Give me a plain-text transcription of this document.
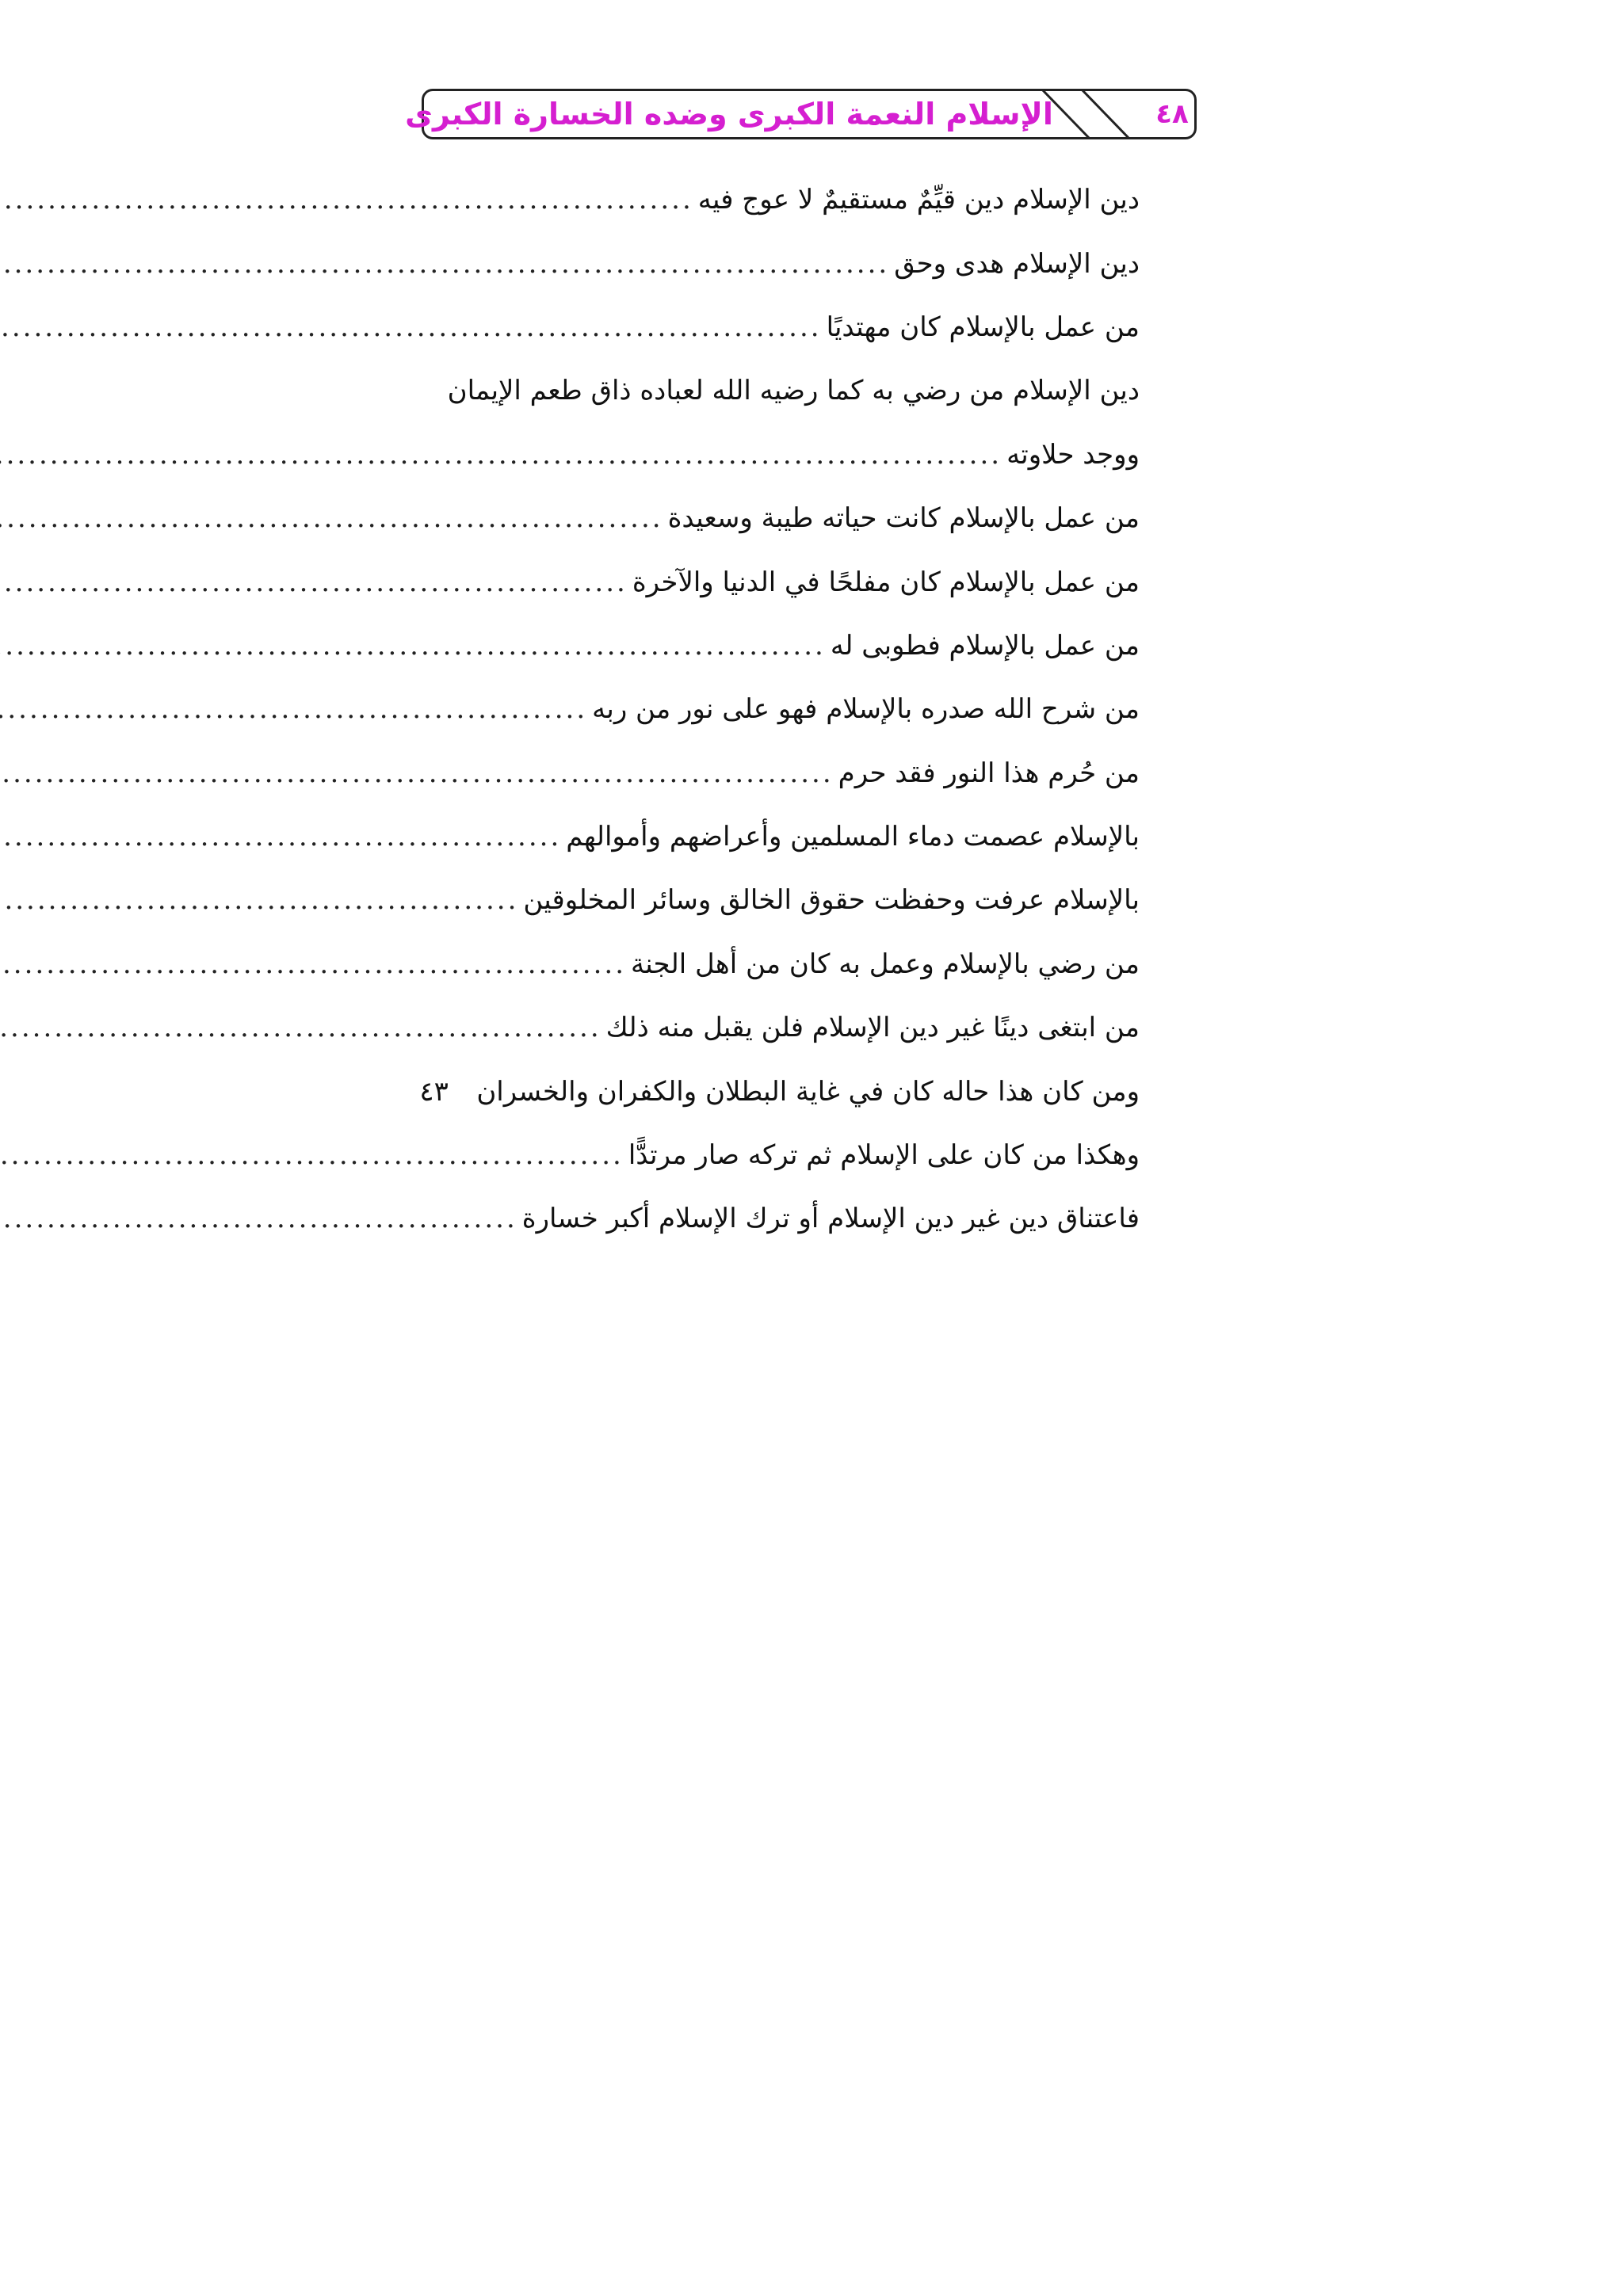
الإسلام النعمة الكبرى وضده الخسارة الكبرى	٤٨
دين الإسلام دين قيِّمٌ مستقيمٌ لا عوج فيه
.....
دين الإسلام هدى وحق
.....
من عمل بالإسلام كان مهتديًا
.....
دين الإسلام من رضي به كما رضيه الله لعباده ذاق طعم الإيمان
ووجد حلاوته
.....
من عمل بالإسلام كانت حياته طيبة وسعيدة
.....
من عمل بالإسلام كان مفلحًا في الدنيا والآخرة
.....
من عمل بالإسلام فطوبى له
.....
من شرح الله صدره بالإسلام فهو على نور من ربه
.....
من حُرم هذا النور فقد حرم
.....
بالإسلام عصمت دماء المسلمين وأعراضهم وأموالهم
.....
بالإسلام عرفت وحفظت حقوق الخالق وسائر المخلوقين
.....
من رضي بالإسلام وعمل به كان من أهل الجنة
.....
من ابتغى دينًا غير دين الإسلام فلن يقبل منه ذلك
.....
ومن كان هذا حاله كان في غاية البطلان والكفران والخسران
٤٣
وهكذا من كان على الإسلام ثم تركه صار مرتدًّا
.....
فاعتناق دين غير دين الإسلام أو ترك الإسلام أكبر خسارة
.....
